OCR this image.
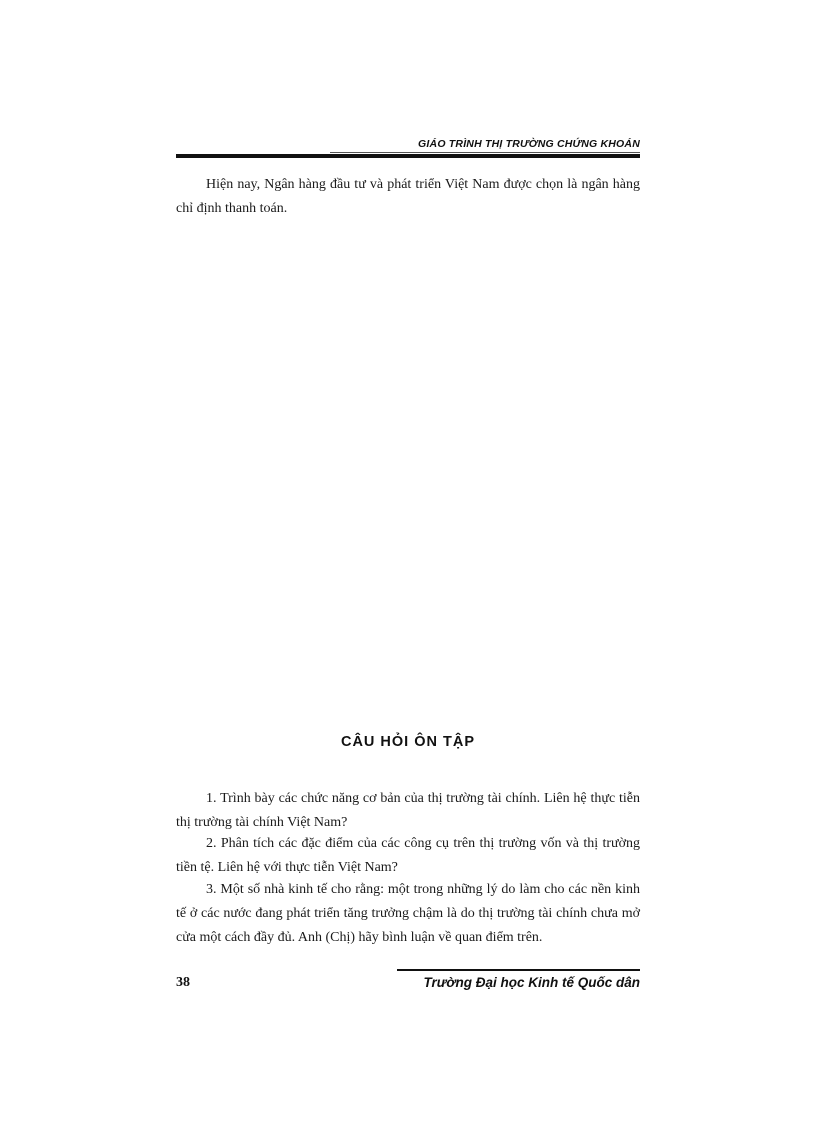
GIÁO TRÌNH THỊ TRƯỜNG CHỨNG KHOÁN

Hiện nay, Ngân hàng đầu tư và phát triển Việt Nam được chọn là ngân hàng chỉ định thanh toán.

CÂU HỎI ÔN TẬP

1. Trình bày các chức năng cơ bản của thị trường tài chính. Liên hệ thực tiễn thị trường tài chính Việt Nam?

2. Phân tích các đặc điểm của các công cụ trên thị trường vốn và thị trường tiền tệ. Liên hệ với thực tiễn Việt Nam?

3. Một số nhà kinh tế cho rằng: một trong những lý do làm cho các nền kinh tế ở các nước đang phát triển tăng trưởng chậm là do thị trường tài chính chưa mở cửa một cách đầy đủ. Anh (Chị) hãy bình luận về quan điểm trên.

38	Trường Đại học Kinh tế Quốc dân
